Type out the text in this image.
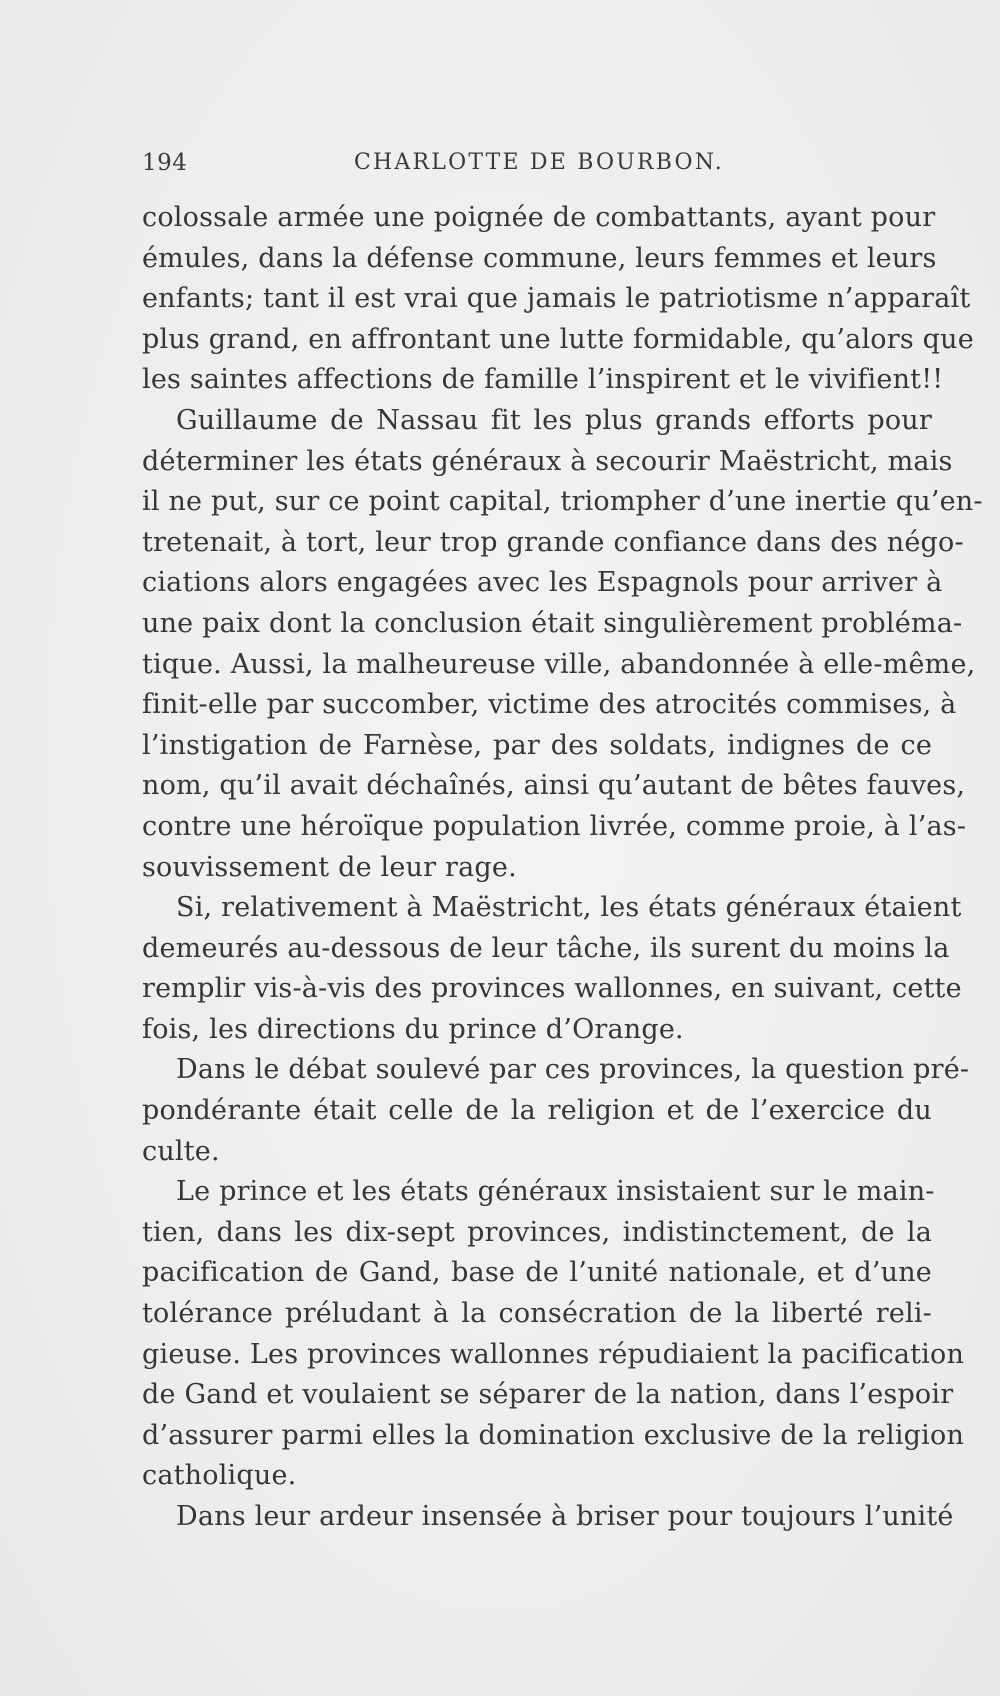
194	CHARLOTTE DE BOURBON.
colossale armée une poignée de combattants, ayant pour
émules, dans la défense commune, leurs femmes et leurs
enfants; tant il est vrai que jamais le patriotisme n’apparaît
plus grand, en affrontant une lutte formidable, qu’alors que
les saintes affections de famille l’inspirent et le vivifient!!
Guillaume de Nassau fit les plus grands efforts pour
déterminer les états généraux à secourir Maëstricht, mais
il ne put, sur ce point capital, triompher d’une inertie qu’en-
tretenait, à tort, leur trop grande confiance dans des négo-
ciations alors engagées avec les Espagnols pour arriver à
une paix dont la conclusion était singulièrement probléma-
tique. Aussi, la malheureuse ville, abandonnée à elle-même,
finit-elle par succomber, victime des atrocités commises, à
l’instigation de Farnèse, par des soldats, indignes de ce
nom, qu’il avait déchaînés, ainsi qu’autant de bêtes fauves,
contre une héroïque population livrée, comme proie, à l’as-
souvissement de leur rage.
Si, relativement à Maëstricht, les états généraux étaient
demeurés au-dessous de leur tâche, ils surent du moins la
remplir vis-à-vis des provinces wallonnes, en suivant, cette
fois, les directions du prince d’Orange.
Dans le débat soulevé par ces provinces, la question pré-
pondérante était celle de la religion et de l’exercice du
culte.
Le prince et les états généraux insistaient sur le main-
tien, dans les dix-sept provinces, indistinctement, de la
pacification de Gand, base de l’unité nationale, et d’une
tolérance préludant à la consécration de la liberté reli-
gieuse. Les provinces wallonnes répudiaient la pacification
de Gand et voulaient se séparer de la nation, dans l’espoir
d’assurer parmi elles la domination exclusive de la religion
catholique.
Dans leur ardeur insensée à briser pour toujours l’unité
